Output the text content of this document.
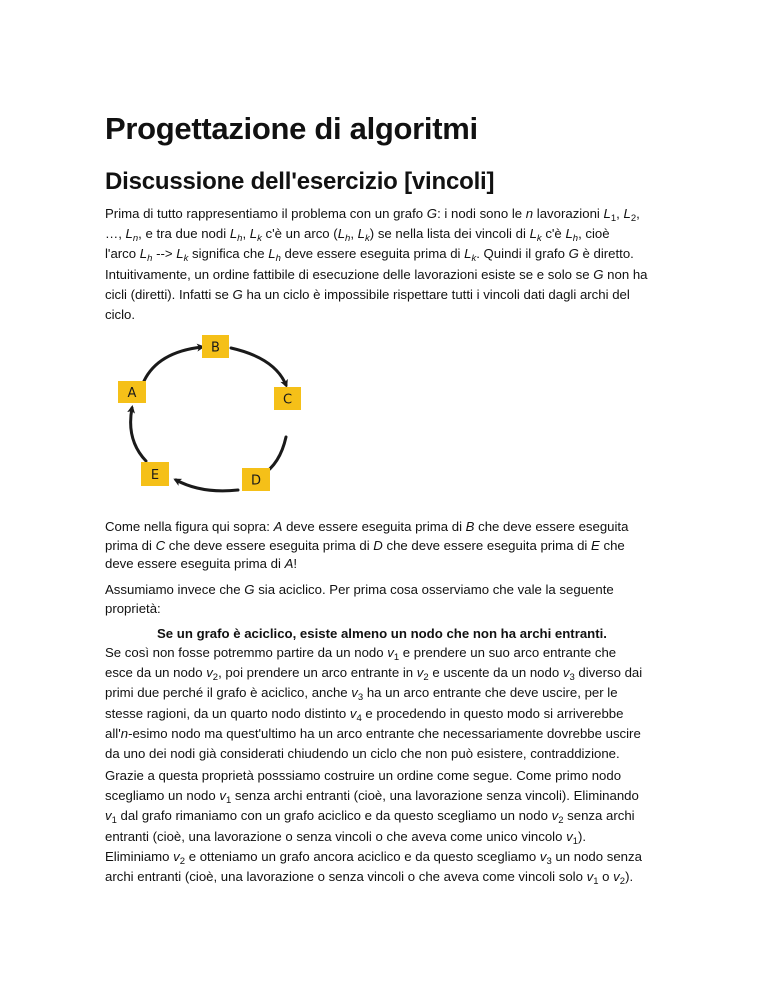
Progettazione di algoritmi
Discussione dell'esercizio [vincoli]
Prima di tutto rappresentiamo il problema con un grafo G: i nodi sono le n lavorazioni $L_1$, $L_2$,
…, $L_n$, e tra due nodi $L_h$, $L_k$ c'è un arco ($L_h$, $L_k$) se nella lista dei vincoli di $L_k$ c'è $L_h$, cioè
l'arco $L_h$ --> $L_k$ significa che $L_h$ deve essere eseguita prima di $L_k$. Quindi il grafo G è diretto.
Intuitivamente, un ordine fattibile di esecuzione delle lavorazioni esiste se e solo se G non ha
cicli (diretti). Infatti se G ha un ciclo è impossibile rispettare tutti i vincoli dati dagli archi del
ciclo.
B
A	C
E	D
Come nella figura qui sopra: A deve essere eseguita prima di B che deve essere eseguita
prima di C che deve essere eseguita prima di D che deve essere eseguita prima di E che
deve essere eseguita prima di A!
Assumiamo invece che G sia aciclico. Per prima cosa osserviamo che vale la seguente
proprietà:
Se un grafo è aciclico, esiste almeno un nodo che non ha archi entranti.
Se così non fosse potremmo partire da un nodo $v_1$ e prendere un suo arco entrante che
esce da un nodo $v_2$, poi prendere un arco entrante in $v_2$ e uscente da un nodo $v_3$ diverso dai
primi due perché il grafo è aciclico, anche $v_3$ ha un arco entrante che deve uscire, per le
stesse ragioni, da un quarto nodo distinto $v_4$ e procedendo in questo modo si arriverebbe
all'n-esimo nodo ma quest'ultimo ha un arco entrante che necessariamente dovrebbe uscire
da uno dei nodi già considerati chiudendo un ciclo che non può esistere, contraddizione.
Grazie a questa proprietà posssiamo costruire un ordine come segue. Come primo nodo
scegliamo un nodo $v_1$ senza archi entranti (cioè, una lavorazione senza vincoli). Eliminando
$v_1$ dal grafo rimaniamo con un grafo aciclico e da questo scegliamo un nodo $v_2$ senza archi
entranti (cioè, una lavorazione o senza vincoli o che aveva come unico vincolo $v_1$).
Eliminiamo $v_2$ e otteniamo un grafo ancora aciclico e da questo scegliamo $v_3$ un nodo senza
archi entranti (cioè, una lavorazione o senza vincoli o che aveva come vincoli solo $v_1$ o $v_2$).
